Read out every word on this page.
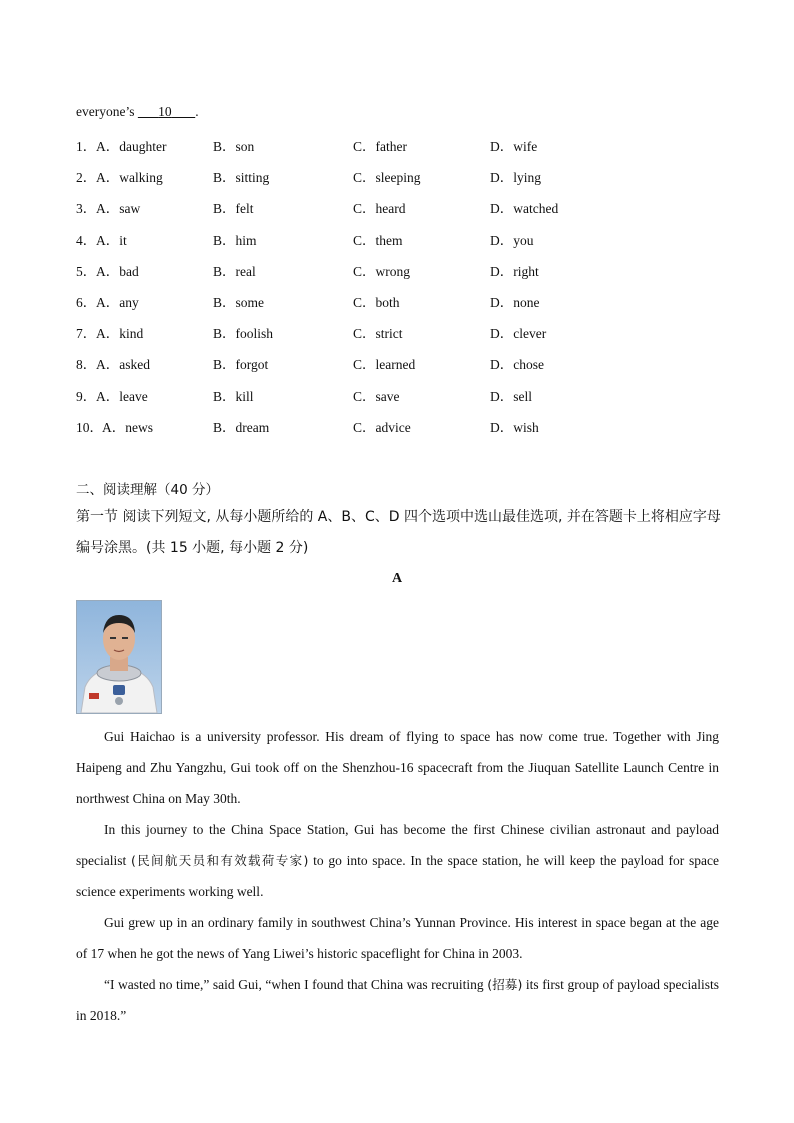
everyone’s       10 .
1． A．daughter	B．son	C．father	D．wife
2． A．walking	B．sitting	C．sleeping	D．lying
3． A．saw	B．felt	C．heard	D．watched
4． A．it	B．him	C．them	D．you
5． A．bad	B．real	C．wrong	D．right
6． A．any	B．some	C．both	D．none
7． A．kind	B．foolish	C．strict	D．clever
8． A．asked	B．forgot	C．learned	D．chose
9． A．leave	B．kill	C．save	D．sell
10． A．news	B．dream	C．advice	D．wish
二、阅读理解（40 分）
第一节 阅读下列短文, 从每小题所给的 A、B、C、D 四个选项中选山最佳选项, 并在答题卡上将相应字母编号涂黑。(共 15 小题, 每小题 2 分)
A
Gui Haichao is a university professor. His dream of flying to space has now come true. Together with Jing Haipeng and Zhu Yangzhu, Gui took off on the Shenzhou-16 spacecraft from the Jiuquan Satellite Launch Centre in northwest China on May 30th.
In this journey to the China Space Station, Gui has become the first Chinese civilian astronaut and payload specialist (民间航天员和有效载荷专家) to go into space. In the space station, he will keep the payload for space science experiments working well.
Gui grew up in an ordinary family in southwest China’s Yunnan Province. His interest in space began at the age of 17 when he got the news of Yang Liwei’s historic spaceflight for China in 2003.
“I wasted no time,” said Gui, “when I found that China was recruiting (招募) its first group of payload specialists in 2018.”
